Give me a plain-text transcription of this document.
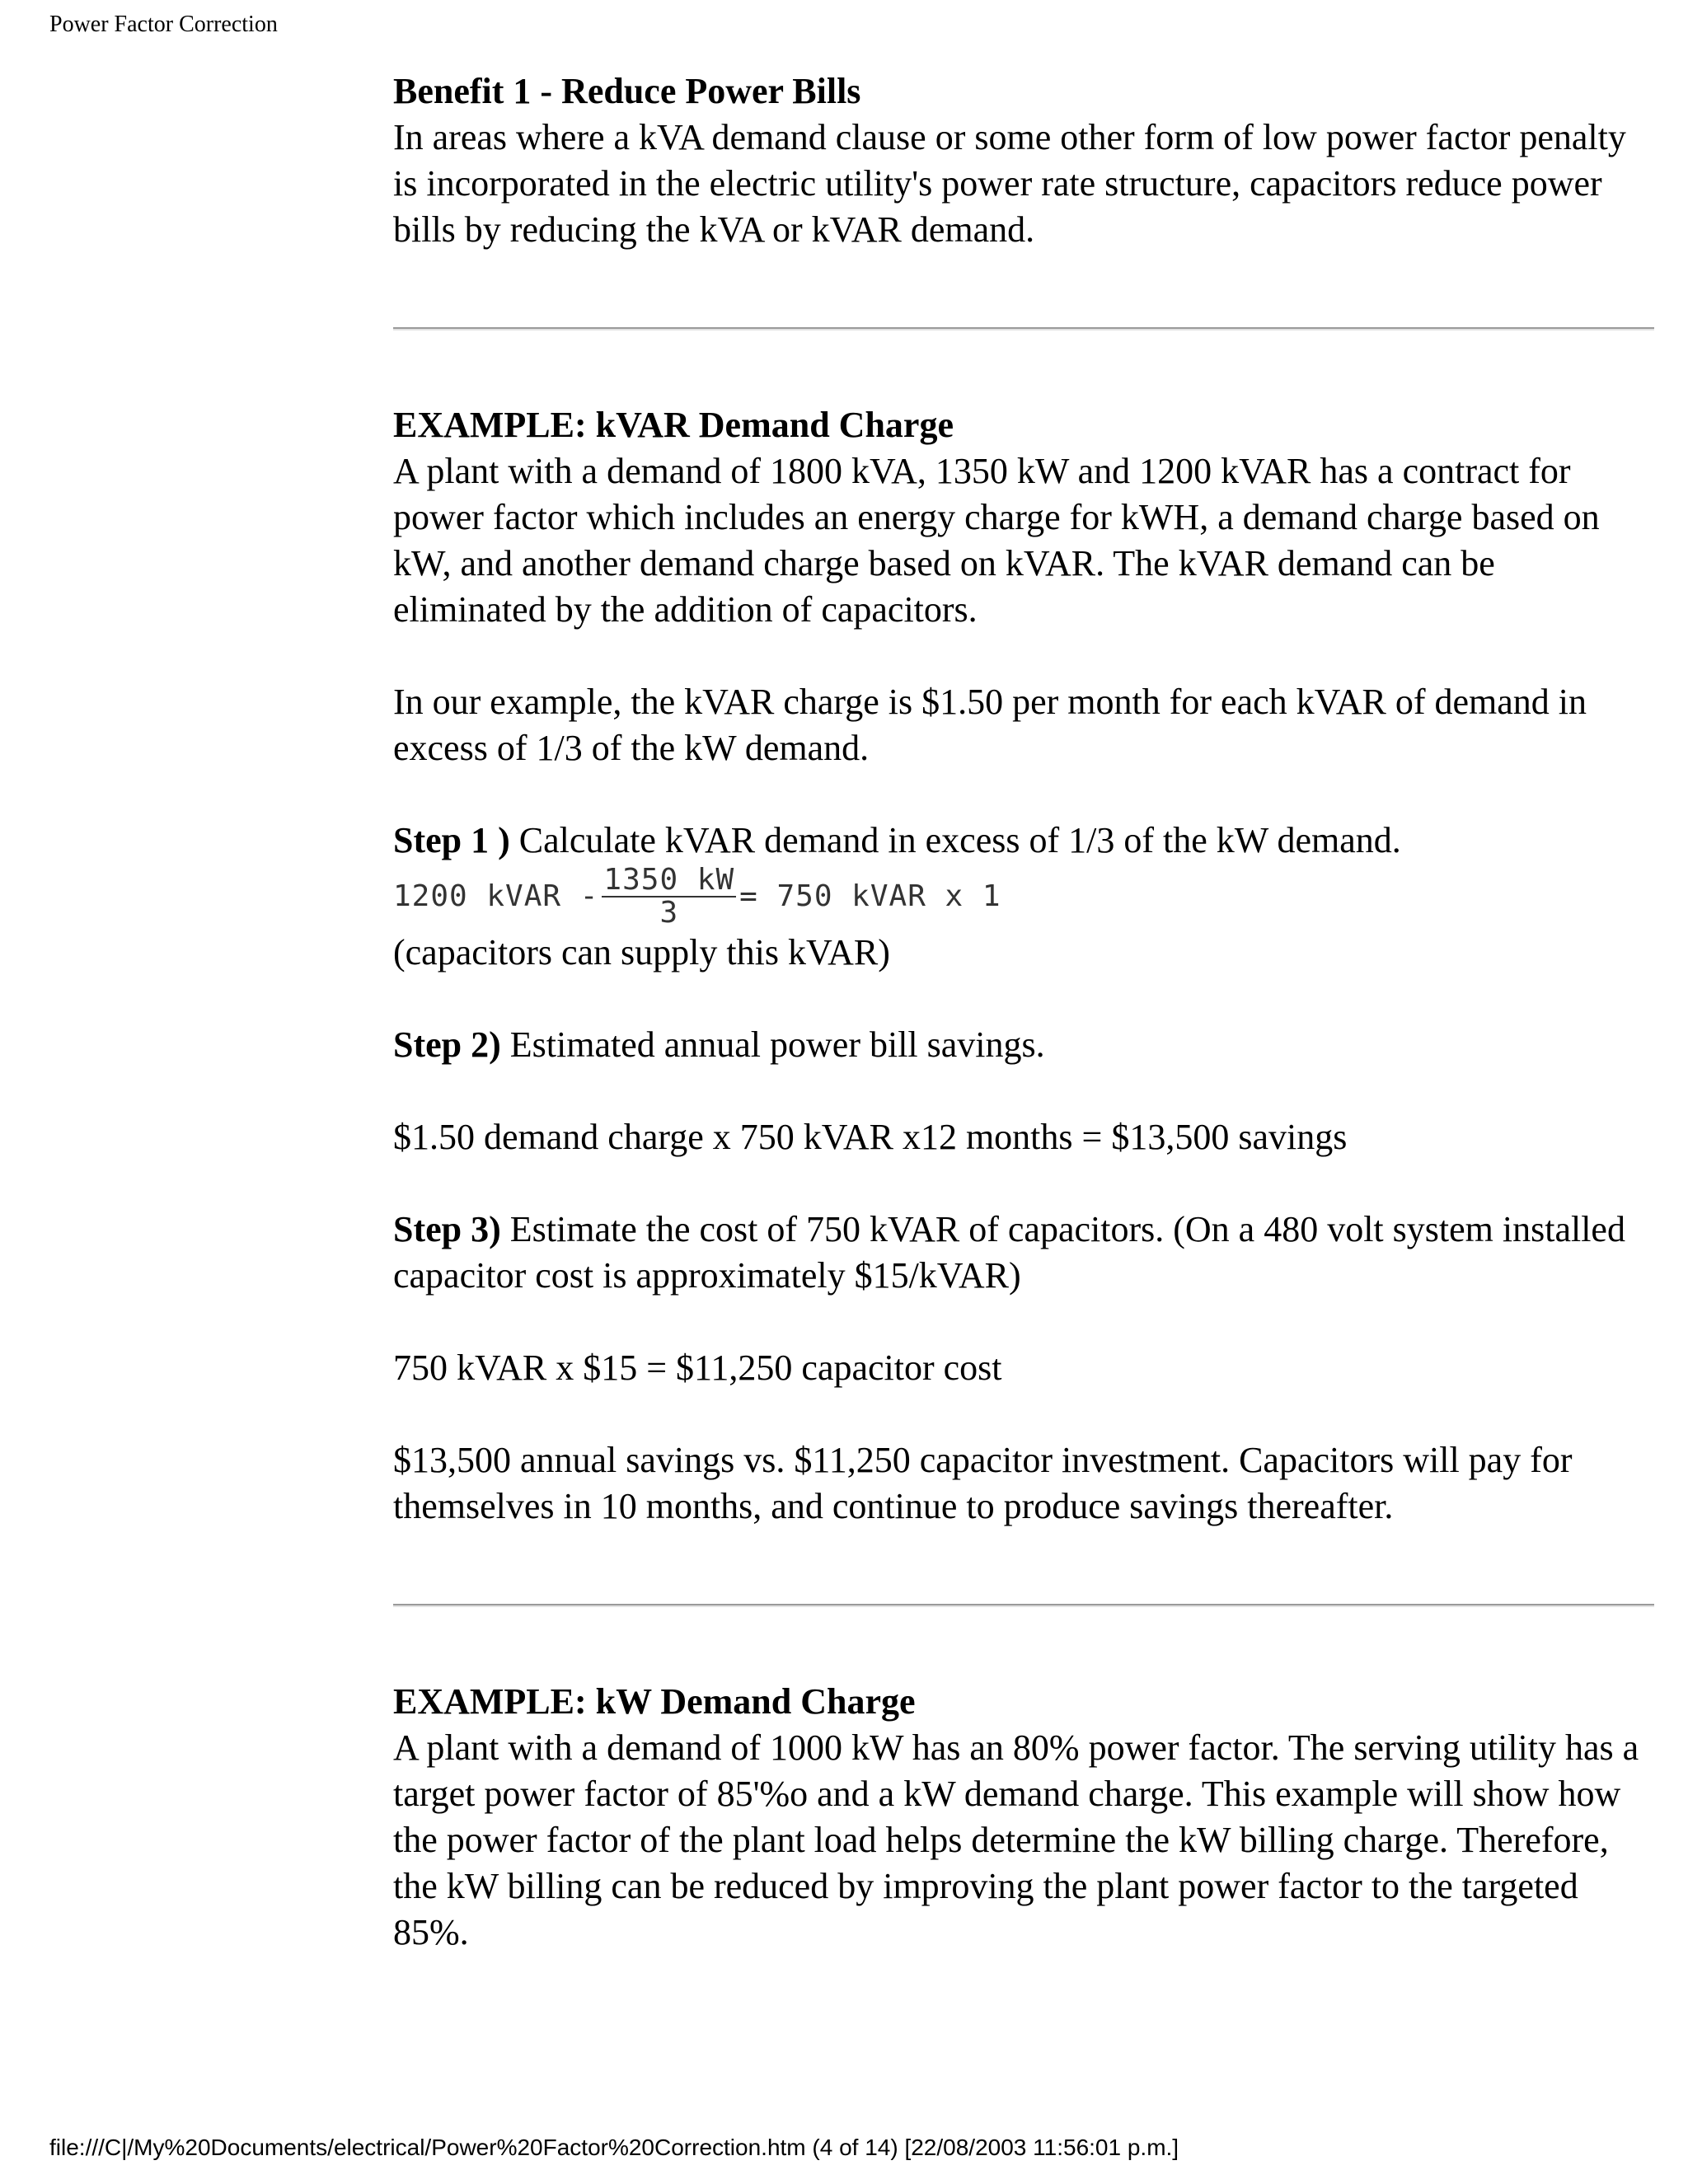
Power Factor Correction

Benefit 1 - Reduce Power Bills

In areas where a kVA demand clause or some other form of low power factor penalty is incorporated in the electric utility's power rate structure, capacitors reduce power bills by reducing the kVA or kVAR demand.

EXAMPLE: kVAR Demand Charge

A plant with a demand of 1800 kVA, 1350 kW and 1200 kVAR has a contract for power factor which includes an energy charge for kWH, a demand charge based on kW, and another demand charge based on kVAR. The kVAR demand can be eliminated by the addition of capacitors.

In our example, the kVAR charge is $1.50 per month for each kVAR of demand in excess of 1/3 of the kW demand.

Step 1 ) Calculate kVAR demand in excess of 1/3 of the kW demand.

1200 kVAR - $\frac{1350 kW}{3} = 750$ kVAR x 1

(capacitors can supply this kVAR)

Step 2) Estimated annual power bill savings.

$1.50 demand charge x 750 kVAR x12 months = $13,500 savings

Step 3) Estimate the cost of 750 kVAR of capacitors. (On a 480 volt system installed capacitor cost is approximately $15/kVAR)

750 kVAR x $15 = $11,250 capacitor cost

$13,500 annual savings vs. $11,250 capacitor investment. Capacitors will pay for themselves in 10 months, and continue to produce savings thereafter.

EXAMPLE: kW Demand Charge

A plant with a demand of 1000 kW has an 80% power factor. The serving utility has a target power factor of 85'%o and a kW demand charge. This example will show how the power factor of the plant load helps determine the kW billing charge. Therefore, the kW billing can be reduced by improving the plant power factor to the targeted 85%.

file:///C|/My%20Documents/electrical/Power%20Factor%20Correction.htm (4 of 14) [22/08/2003 11:56:01 p.m.]
